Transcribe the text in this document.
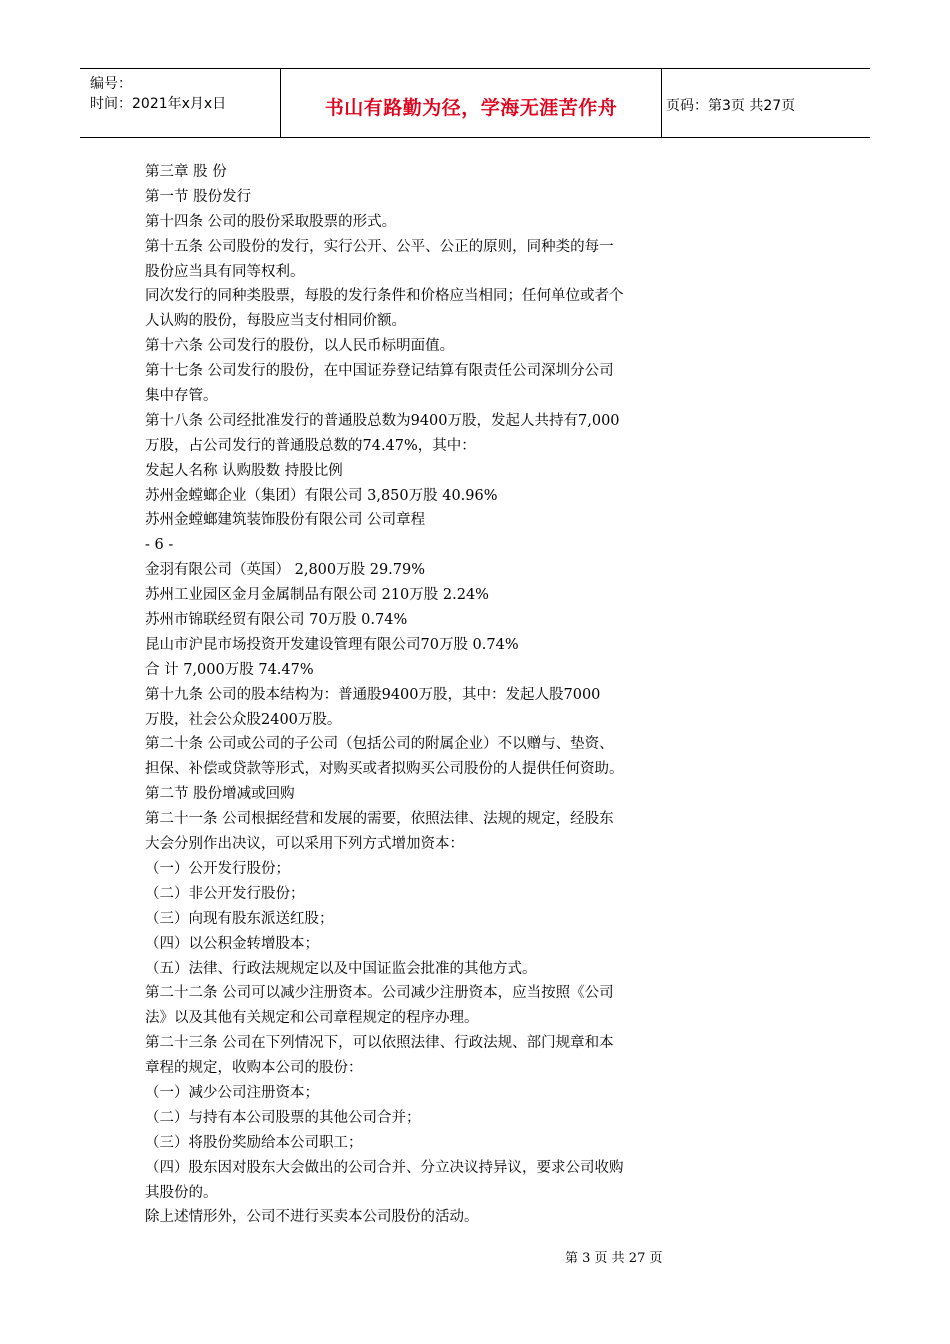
编号：
时间：2021年x月x日	书山有路勤为径，学海无涯苦作舟	页码：第3页 共27页
第三章 股 份
第一节 股份发行
第十四条 公司的股份采取股票的形式。
第十五条 公司股份的发行，实行公开、公平、公正的原则，同种类的每一
股份应当具有同等权利。
同次发行的同种类股票，每股的发行条件和价格应当相同；任何单位或者个
人认购的股份，每股应当支付相同价额。
第十六条 公司发行的股份，以人民币标明面值。
第十七条 公司发行的股份，在中国证券登记结算有限责任公司深圳分公司
集中存管。
第十八条 公司经批准发行的普通股总数为9400万股，发起人共持有7,000
万股，占公司发行的普通股总数的74.47%，其中：
发起人名称 认购股数 持股比例
苏州金螳螂企业（集团）有限公司 3,850万股 40.96%
苏州金螳螂建筑装饰股份有限公司 公司章程
- 6 -
金羽有限公司（英国） 2,800万股 29.79%
苏州工业园区金月金属制品有限公司 210万股 2.24%
苏州市锦联经贸有限公司 70万股 0.74%
昆山市沪昆市场投资开发建设管理有限公司70万股 0.74%
合 计 7,000万股 74.47%
第十九条 公司的股本结构为：普通股9400万股，其中：发起人股7000
万股，社会公众股2400万股。
第二十条 公司或公司的子公司（包括公司的附属企业）不以赠与、垫资、
担保、补偿或贷款等形式，对购买或者拟购买公司股份的人提供任何资助。
第二节 股份增减或回购
第二十一条 公司根据经营和发展的需要，依照法律、法规的规定，经股东
大会分别作出决议，可以采用下列方式增加资本：
（一）公开发行股份；
（二）非公开发行股份；
（三）向现有股东派送红股；
（四）以公积金转增股本；
（五）法律、行政法规规定以及中国证监会批准的其他方式。
第二十二条 公司可以减少注册资本。公司减少注册资本，应当按照《公司
法》以及其他有关规定和公司章程规定的程序办理。
第二十三条 公司在下列情况下，可以依照法律、行政法规、部门规章和本
章程的规定，收购本公司的股份：
（一）减少公司注册资本；
（二）与持有本公司股票的其他公司合并；
（三）将股份奖励给本公司职工；
（四）股东因对股东大会做出的公司合并、分立决议持异议，要求公司收购
其股份的。
除上述情形外，公司不进行买卖本公司股份的活动。
第 3 页 共 27 页
